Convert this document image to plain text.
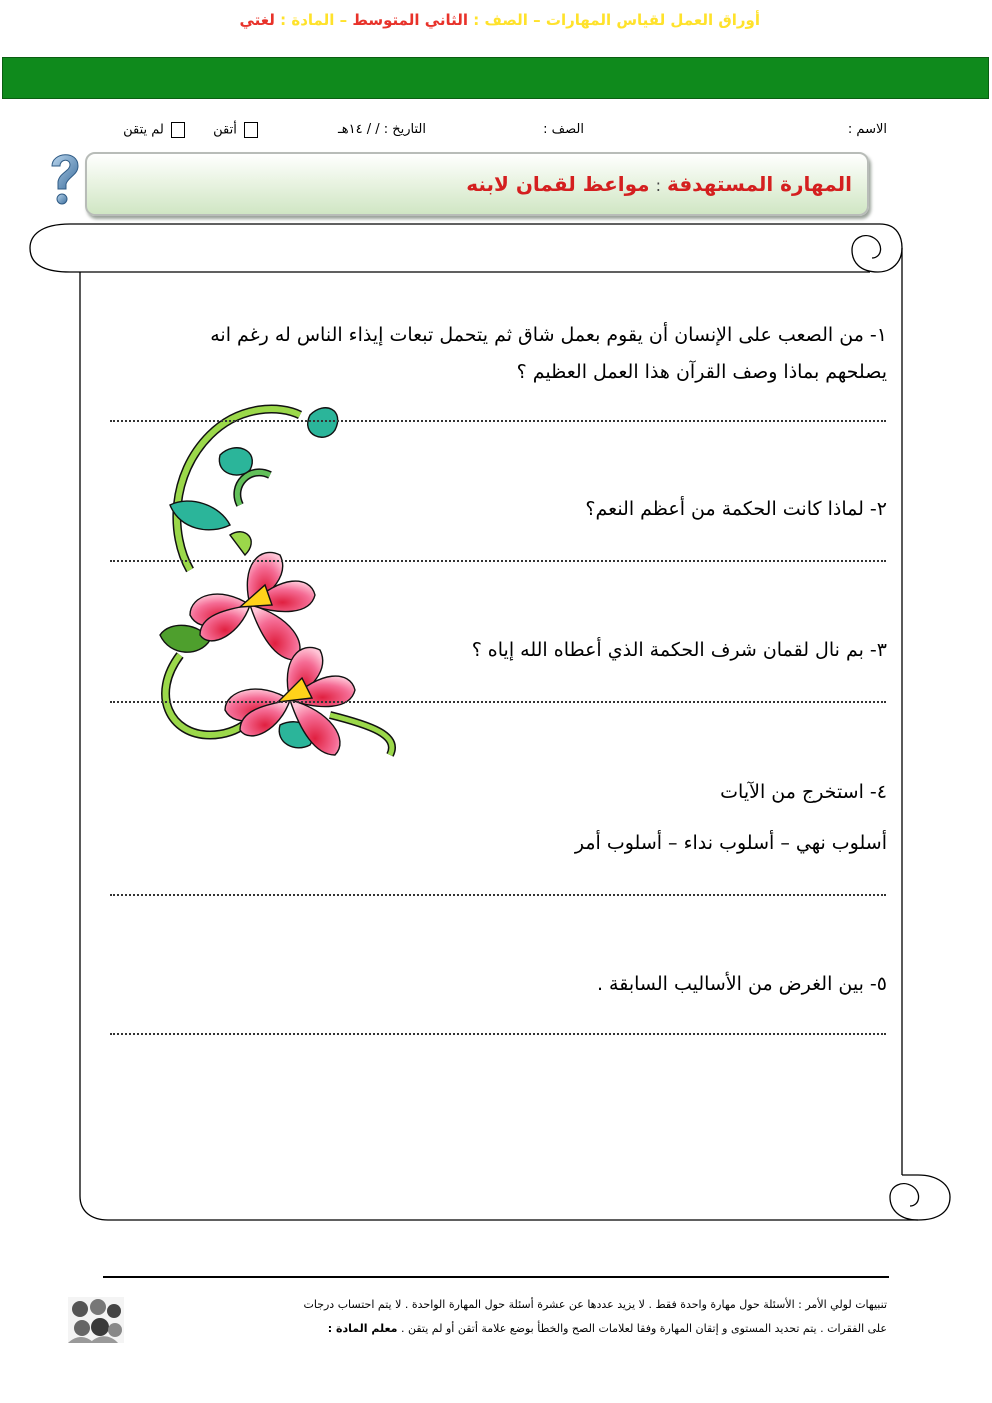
أوراق العمل لقياس المهارات – الصف : الثاني المتوسط – المادة : لغتي
الاسم :
الصف :
التاريخ : / / ١٤هـ
أتقن
لم يتقن
المهارة المستهدفة:مواعظ لقمان لابنه
١- من الصعب على الإنسان أن يقوم بعمل شاق ثم يتحمل تبعات إيذاء الناس له رغم انه
يصلحهم بماذا وصف القرآن هذا العمل العظيم ؟
٢- لماذا كانت الحكمة من أعظم النعم؟
٣- بم نال لقمان شرف الحكمة الذي أعطاه الله إياه ؟
٤- استخرج من الآيات
أسلوب نهي – أسلوب نداء – أسلوب أمر
٥- بين الغرض من الأساليب السابقة .
تنبيهات لولي الأمر : الأسئلة حول مهارة واحدة فقط . لا يزيد عددها عن عشرة أسئلة حول المهارة الواحدة . لا يتم احتساب درجات
على الفقرات . يتم تحديد المستوى و إتقان المهارة وفقا لعلامات الصح والخطأ بوضع علامة أتقن أو لم يتقن . معلم المادة :
